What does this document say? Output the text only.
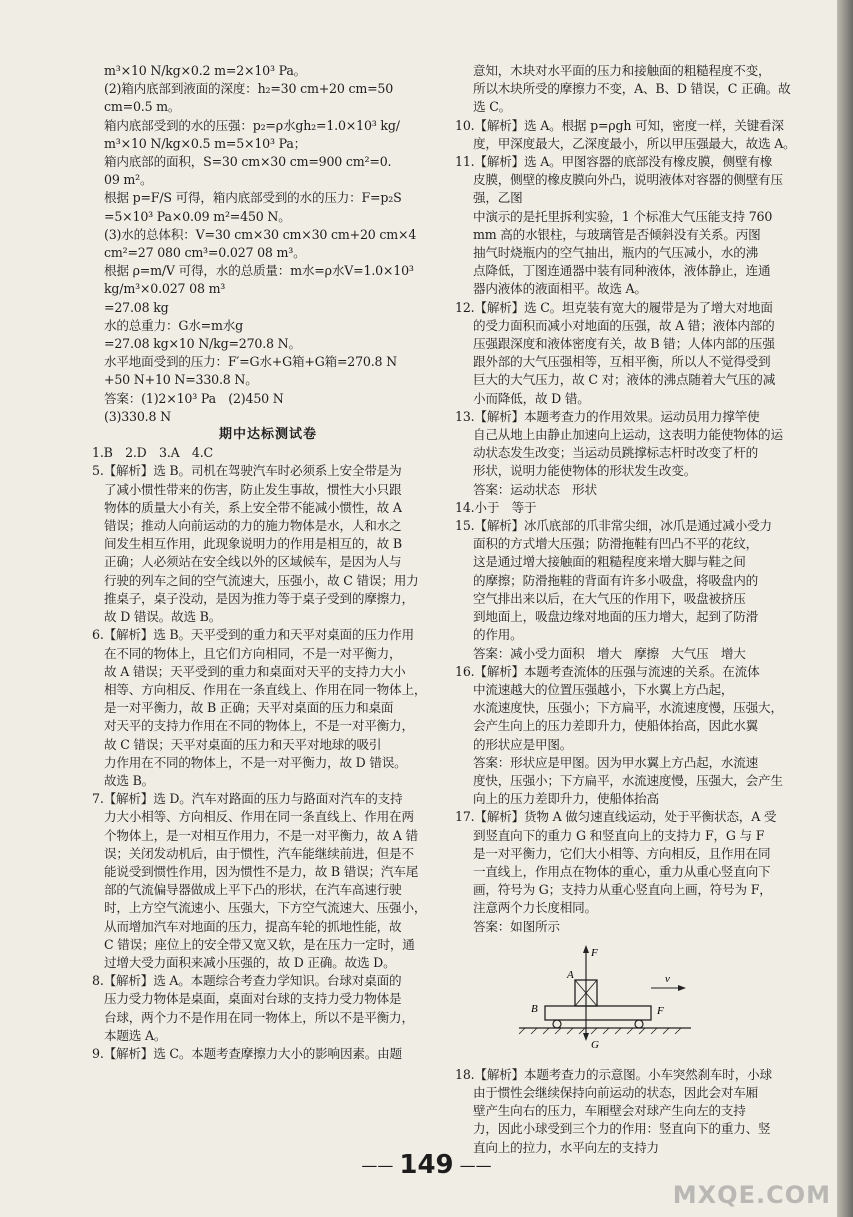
m³×10 N/kg×0.2 m=2×10³ Pa。

(2)箱内底部到液面的深度：h₂=30 cm+20 cm=50

cm=0.5 m。

箱内底部受到的水的压强：p₂=ρ水gh₂=1.0×10³ kg/

m³×10 N/kg×0.5 m=5×10³ Pa；

箱内底部的面积，S=30 cm×30 cm=900 cm²=0.

09 m²。

根据 p=F/S 可得，箱内底部受到的水的压力：F=p₂S

=5×10³ Pa×0.09 m²=450 N。

(3)水的总体积：V=30 cm×30 cm×30 cm+20 cm×4

cm²=27 080 cm³=0.027 08 m³。

根据 ρ=m/V 可得，水的总质量：m水=ρ水V=1.0×10³

kg/m³×0.027 08 m³

=27.08 kg

水的总重力：G水=m水g

=27.08 kg×10 N/kg=270.8 N。

水平地面受到的压力：F′=G水+G箱+G箱=270.8 N

+50 N+10 N=330.8 N。

答案：(1)2×10³ Pa　(2)450 N

(3)330.8 N

期中达标测试卷

1.B　2.D　3.A　4.C

5.【解析】选 B。司机在驾驶汽车时必须系上安全带是为

了减小惯性带来的伤害，防止发生事故，惯性大小只跟

物体的质量大小有关，系上安全带不能减小惯性，故 A

错误；推动人向前运动的力的施力物体是水，人和水之

间发生相互作用，此现象说明力的作用是相互的，故 B

正确；人必须站在安全线以外的区域候车，是因为人与

行驶的列车之间的空气流速大，压强小，故 C 错误；用力

推桌子，桌子没动，是因为推力等于桌子受到的摩擦力，

故 D 错误。故选 B。

6.【解析】选 B。天平受到的重力和天平对桌面的压力作用

在不同的物体上，且它们方向相同，不是一对平衡力，

故 A 错误；天平受到的重力和桌面对天平的支持力大小

相等、方向相反、作用在一条直线上、作用在同一物体上，

是一对平衡力，故 B 正确；天平对桌面的压力和桌面

对天平的支持力作用在不同的物体上，不是一对平衡力，

故 C 错误；天平对桌面的压力和天平对地球的吸引

力作用在不同的物体上，不是一对平衡力，故 D 错误。

故选 B。

7.【解析】选 D。汽车对路面的压力与路面对汽车的支持

力大小相等、方向相反、作用在同一条直线上、作用在两

个物体上，是一对相互作用力，不是一对平衡力，故 A 错

误；关闭发动机后，由于惯性，汽车能继续前进，但是不

能说受到惯性作用，因为惯性不是力，故 B 错误；汽车尾

部的气流偏导器做成上平下凸的形状，在汽车高速行驶

时，上方空气流速小、压强大，下方空气流速大、压强小，

从而增加汽车对地面的压力，提高车轮的抓地性能，故

C 错误；座位上的安全带又宽又软，是在压力一定时，通

过增大受力面积来减小压强的，故 D 正确。故选 D。

8.【解析】选 A。本题综合考查力学知识。台球对桌面的

压力受力物体是桌面，桌面对台球的支持力受力物体是

台球，两个力不是作用在同一物体上，所以不是平衡力，

本题选 A。

9.【解析】选 C。本题考查摩擦力大小的影响因素。由题

意知，木块对水平面的压力和接触面的粗糙程度不变，

所以木块所受的摩擦力不变，A、B、D 错误，C 正确。故

选 C。

10.【解析】选 A。根据 p=ρgh 可知，密度一样，关键看深

度，甲深度最大，乙深度最小，所以甲压强最大，故选 A。

11.【解析】选 A。甲图容器的底部没有橡皮膜，侧壁有橡

皮膜，侧壁的橡皮膜向外凸，说明液体对容器的侧壁有压强，乙图

中演示的是托里拆利实验，1 个标准大气压能支持 760

mm 高的水银柱，与玻璃管是否倾斜没有关系。丙图

抽气时烧瓶内的空气抽出，瓶内的气压减小，水的沸

点降低，丁图连通器中装有同种液体，液体静止，连通

器内液体的液面相平。故选 A。

12.【解析】选 C。坦克装有宽大的履带是为了增大对地面

的受力面积而减小对地面的压强，故 A 错；液体内部的

压强跟深度和液体密度有关，故 B 错；人体内部的压强

跟外部的大气压强相等，互相平衡，所以人不觉得受到

巨大的大气压力，故 C 对；液体的沸点随着大气压的减

小而降低，故 D 错。

13.【解析】本题考查力的作用效果。运动员用力撑竿使

自己从地上由静止加速向上运动，这表明力能使物体的运

动状态发生改变；当运动员跳撑标志杆时改变了杆的

形状，说明力能使物体的形状发生改变。

答案：运动状态　形状

14.小于　等于

15.【解析】冰爪底部的爪非常尖细，冰爪是通过减小受力

面积的方式增大压强；防滑拖鞋有凹凸不平的花纹，

这是通过增大接触面的粗糙程度来增大脚与鞋之间

的摩擦；防滑拖鞋的背面有许多小吸盘，将吸盘内的

空气排出来以后，在大气压的作用下，吸盘被挤压

到地面上，吸盘边缘对地面的压力增大，起到了防滑

的作用。

答案：减小受力面积　增大　摩擦　大气压　增大

16.【解析】本题考查流体的压强与流速的关系。在流体

中流速越大的位置压强越小，下水翼上方凸起，

水流速度快，压强小；下方扁平，水流速度慢，压强大，

会产生向上的压力差即升力，使船体抬高，因此水翼

的形状应是甲图。

答案：形状应是甲图。因为甲水翼上方凸起，水流速

度快，压强小；下方扁平，水流速度慢，压强大，会产生

向上的压力差即升力，使船体抬高

17.【解析】货物 A 做匀速直线运动，处于平衡状态，A 受

到竖直向下的重力 G 和竖直向上的支持力 F，G 与 F

是一对平衡力，它们大小相等、方向相反，且作用在同

一直线上，作用点在物体的重心，重力从重心竖直向下

画，符号为 G；支持力从重心竖直向上画，符号为 F，

注意两个力长度相同。

答案：如图所示

F
A	v
F
B
G

18.【解析】本题考查力的示意图。小车突然刹车时，小球

由于惯性会继续保持向前运动的状态，因此会对车厢

壁产生向右的压力，车厢壁会对球产生向左的支持

力，因此小球受到三个力的作用：竖直向下的重力、竖

直向上的拉力，水平向左的支持力

—— 149 ——
MXQE.COM
